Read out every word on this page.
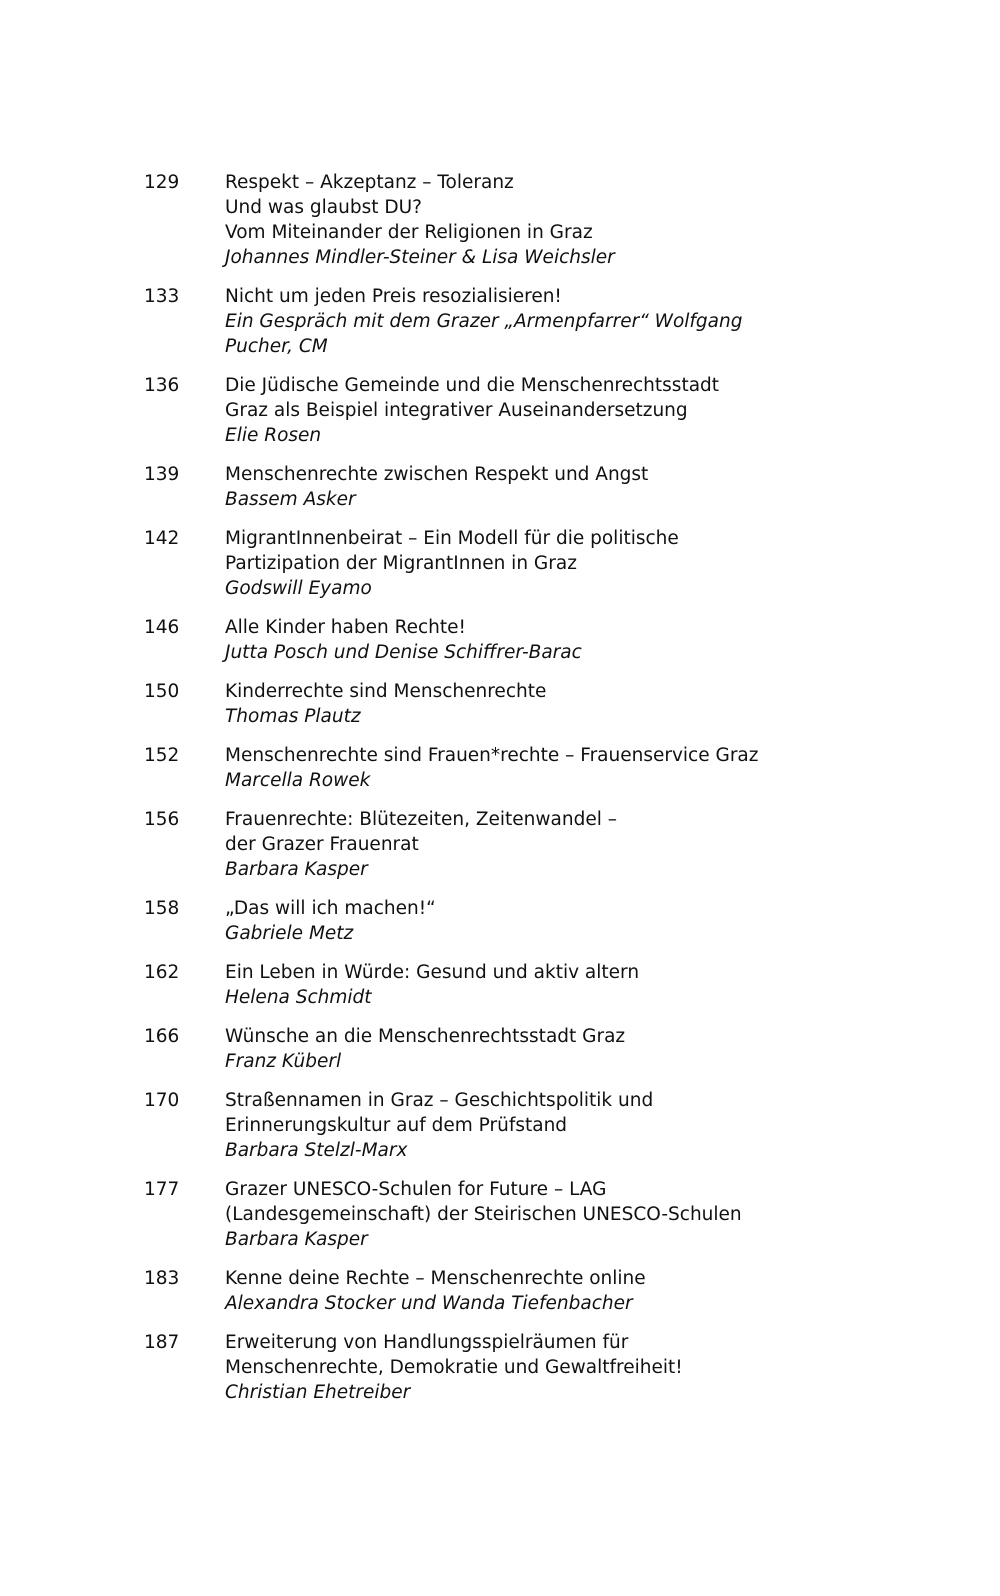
129	Respekt – Akzeptanz – Toleranz
Und was glaubst DU?
Vom Miteinander der Religionen in Graz
Johannes Mindler-Steiner & Lisa Weichsler
133	Nicht um jeden Preis resozialisieren!
Ein Gespräch mit dem Grazer „Armenpfarrer“ Wolfgang
Pucher, CM
136	Die Jüdische Gemeinde und die Menschenrechtsstadt
Graz als Beispiel integrativer Auseinandersetzung
Elie Rosen
139	Menschenrechte zwischen Respekt und Angst
Bassem Asker
142	MigrantInnenbeirat – Ein Modell für die politische
Partizipation der MigrantInnen in Graz
Godswill Eyamo
146	Alle Kinder haben Rechte!
Jutta Posch und Denise Schiffrer-Barac
150	Kinderrechte sind Menschenrechte
Thomas Plautz
152	Menschenrechte sind Frauen*rechte – Frauenservice Graz
Marcella Rowek
156	Frauenrechte: Blütezeiten, Zeitenwandel –
der Grazer Frauenrat
Barbara Kasper
158	„Das will ich machen!“
Gabriele Metz
162	Ein Leben in Würde: Gesund und aktiv altern
Helena Schmidt
166	Wünsche an die Menschenrechtsstadt Graz
Franz Küberl
170	Straßennamen in Graz – Geschichtspolitik und
Erinnerungskultur auf dem Prüfstand
Barbara Stelzl-Marx
177	Grazer UNESCO-Schulen for Future – LAG
(Landesgemeinschaft) der Steirischen UNESCO-Schulen
Barbara Kasper
183	Kenne deine Rechte – Menschenrechte online
Alexandra Stocker und Wanda Tiefenbacher
187	Erweiterung von Handlungsspielräumen für
Menschenrechte, Demokratie und Gewaltfreiheit!
Christian Ehetreiber
